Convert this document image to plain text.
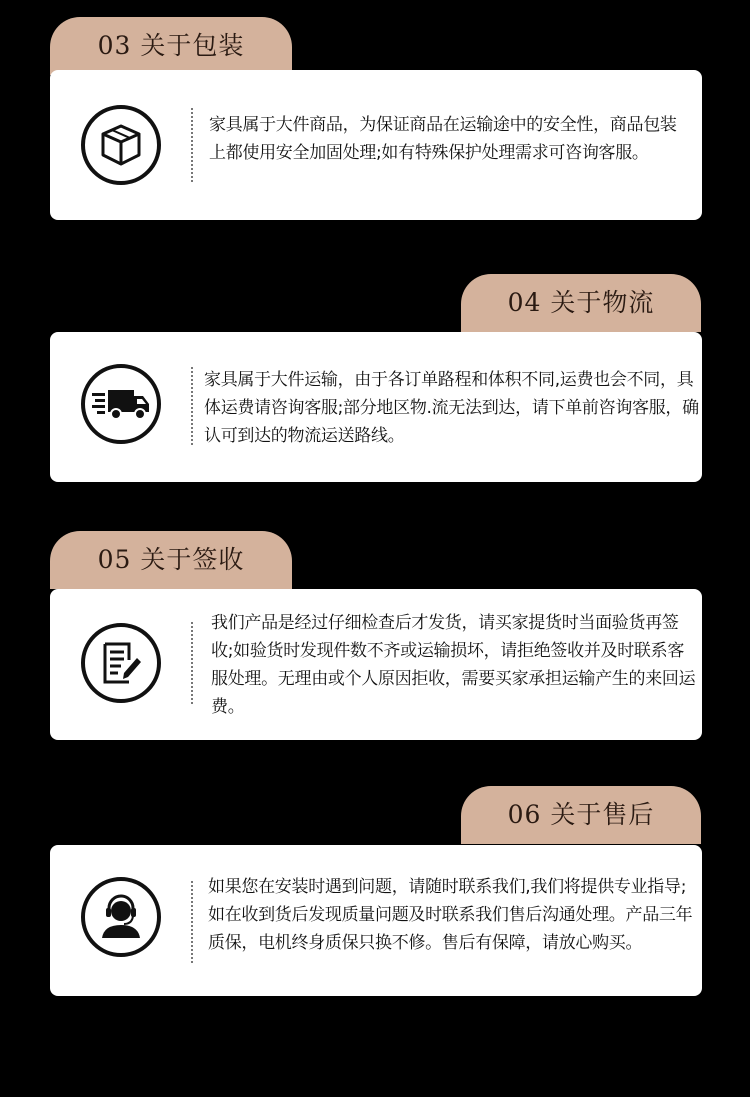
03 关于包装
家具属于大件商品，为保证商品在运输途中的安全性，商品包装上都使用安全加固处理;如有特殊保护处理需求可咨询客服。
04 关于物流
家具属于大件运输，由于各订单路程和体积不同,运费也会不同，具体运费请咨询客服;部分地区物.流无法到达，请下单前咨询客服，确认可到达的物流运送路线。
05 关于签收
我们产品是经过仔细检查后才发货，请买家提货时当面验货再签收;如验货时发现件数不齐或运输损坏，请拒绝签收并及时联系客服处理。无理由或个人原因拒收，需要买家承担运输产生的来回运费。
06 关于售后
如果您在安装时遇到问题，请随时联系我们,我们将提供专业指导;如在收到货后发现质量问题及时联系我们售后沟通处理。产品三年质保，电机终身质保只换不修。售后有保障，请放心购买。
